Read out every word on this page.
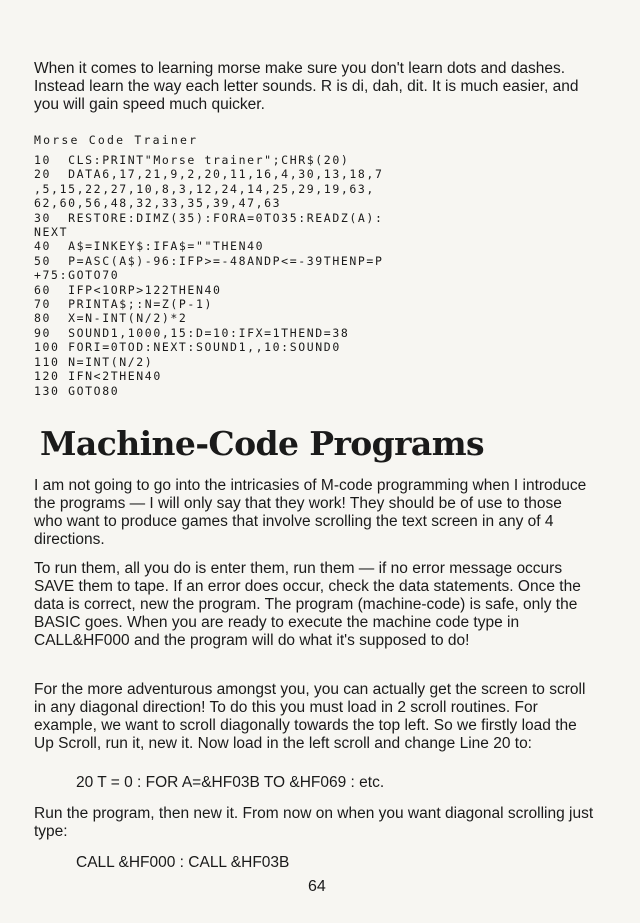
When it comes to learning morse make sure you don't learn dots and dashes. Instead learn the way each letter sounds. R is di, dah, dit. It is much easier, and you will gain speed much quicker.

Morse Code Trainer

10  CLS:PRINT"Morse trainer";CHR$(20)
20  DATA6,17,21,9,2,20,11,16,4,30,13,18,7
,5,15,22,27,10,8,3,12,24,14,25,29,19,63,
62,60,56,48,32,33,35,39,47,63
30  RESTORE:DIMZ(35):FORA=0TO35:READZ(A):
NEXT
40  A$=INKEY$:IFA$=""THEN40
50  P=ASC(A$)-96:IFP>=-48ANDP<=-39THENP=P
+75:GOTO70
60  IFP<1ORP>122THEN40
70  PRINTA$;:N=Z(P-1)
80  X=N-INT(N/2)*2
90  SOUND1,1000,15:D=10:IFX=1THEND=38
100 FORI=0TOD:NEXT:SOUND1,,10:SOUND0
110 N=INT(N/2)
120 IFN<2THEN40
130 GOTO80
Machine-Code Programs

I am not going to go into the intricasies of M-code programming when I introduce the programs — I will only say that they work! They should be of use to those who want to produce games that involve scrolling the text screen in any of 4 directions.

To run them, all you do is enter them, run them — if no error message occurs SAVE them to tape. If an error does occur, check the data statements. Once the data is correct, new the program. The program (machine-code) is safe, only the BASIC goes. When you are ready to execute the machine code type in CALL&HF000 and the program will do what it's supposed to do!

For the more adventurous amongst you, you can actually get the screen to scroll in any diagonal direction! To do this you must load in 2 scroll routines. For example, we want to scroll diagonally towards the top left. So we firstly load the Up Scroll, run it, new it. Now load in the left scroll and change Line 20 to:

20 T = 0 : FOR A=&HF03B TO &HF069 : etc.

Run the program, then new it. From now on when you want diagonal scrolling just type:

CALL &HF000 : CALL &HF03B

64
